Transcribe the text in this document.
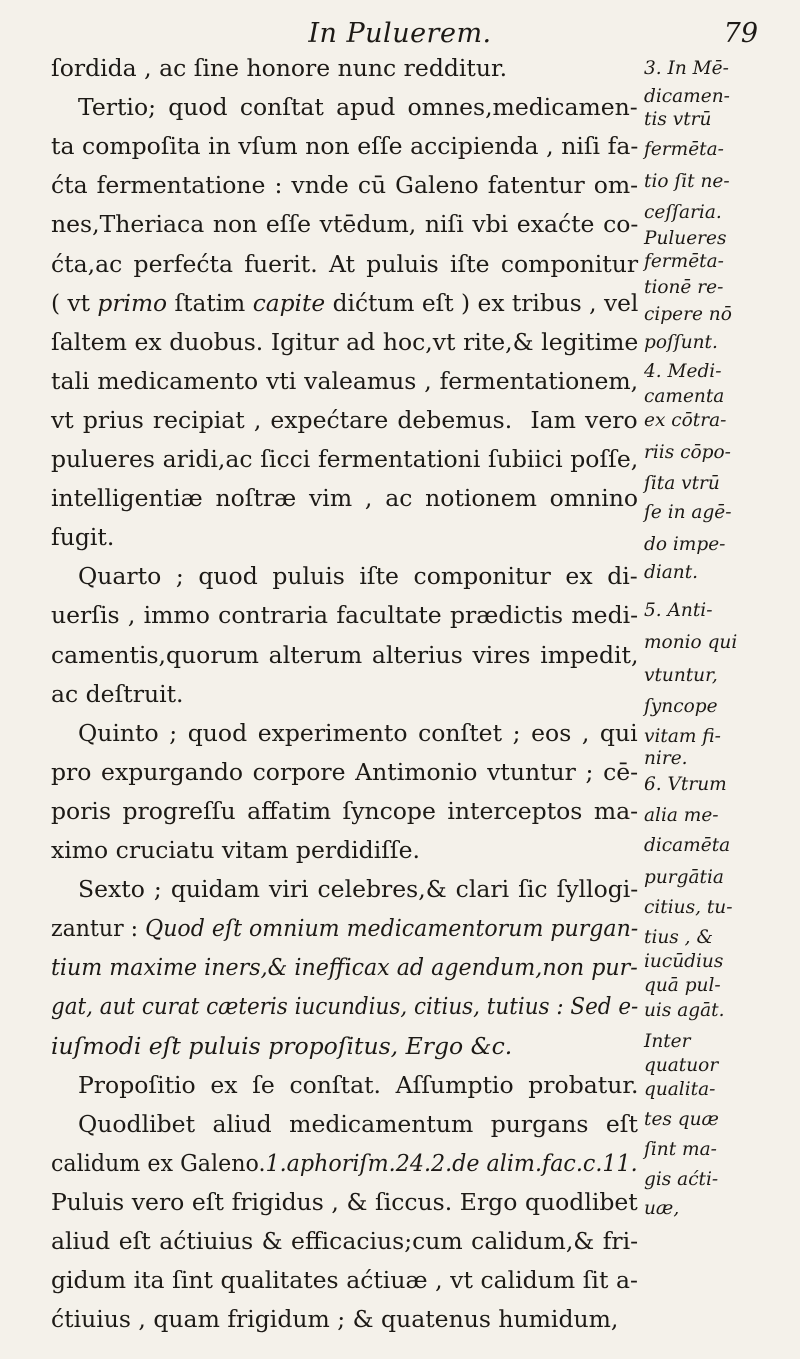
In Puluerem.	79
ſordida , ac ſine honore nunc redditur.
Tertio; quod conſtat apud omnes,medicamen-
ta compoſita in vſum non eſſe accipienda , niſi fa-
ćta fermentatione : vnde cū Galeno fatentur om-
nes,Theriaca non eſſe vtēdum, niſi vbi exaćte co-
ćta,ac perfećta fuerit. At puluis iſte componitur
( vt primo ſtatim capite dićtum eſt ) ex tribus , vel
ſaltem ex duobus. Igitur ad hoc,vt rite,& legitime
tali medicamento vti valeamus , fermentationem,
vt prius recipiat , expećtare debemus.  Iam vero
pulueres aridi,ac ſicci fermentationi ſubiici poſſe,
intelligentiæ noſtræ vim , ac notionem omnino
fugit.
Quarto ; quod puluis iſte componitur ex di-
uerſis , immo contraria facultate prædictis medi-
camentis,quorum alterum alterius vires impedit,
ac deſtruit.
Quinto ; quod experimento conſtet ; eos , qui
pro expurgando corpore Antimonio vtuntur ; cē-
poris progreſſu affatim ſyncope interceptos ma-
ximo cruciatu vitam perdidiſſe.
Sexto ; quidam viri celebres,& clari ſic ſyllogi-
zantur : Quod eſt omnium medicamentorum purgan-
tium maxime iners,& inefficax ad agendum,non pur-
gat, aut curat cæteris iucundius, citius, tutius : Sed e-
iuſmodi eſt puluis propoſitus, Ergo &c.
Propoſitio ex ſe conſtat. Aſſumptio probatur.
Quodlibet aliud medicamentum purgans eſt
calidum ex Galeno. 1.aphoriſm.24.2.de alim.fac.c.11.
Puluis vero eſt frigidus , & ſiccus. Ergo quodlibet
aliud eſt aćtiuius & efficacius;cum calidum,& fri-
gidum ita ſint qualitates aćtiuæ , vt calidum ſit a-
ćtiuius , quam frigidum ; & quatenus humidum,
3. In Mē-
dicamen-
tis vtrū
fermēta-
tio ſit ne-
ceſſaria.
Pulueres
fermēta-
tionē re-
cipere nō
poſſunt.
4. Medi-
camenta
ex cōtra-
riis cōpo-
ſita vtrū
ſe in agē-
do impe-
diant.
5. Anti-
monio qui
vtuntur,
ſyncope
vitam fi-
nire.
6. Vtrum
alia me-
dicamēta
purgātia
citius, tu-
tius , &
iucūdius
quā pul-
uis agāt.
Inter
quatuor
qualita-
tes quæ
ſint ma-
gis aćti-
uæ,
